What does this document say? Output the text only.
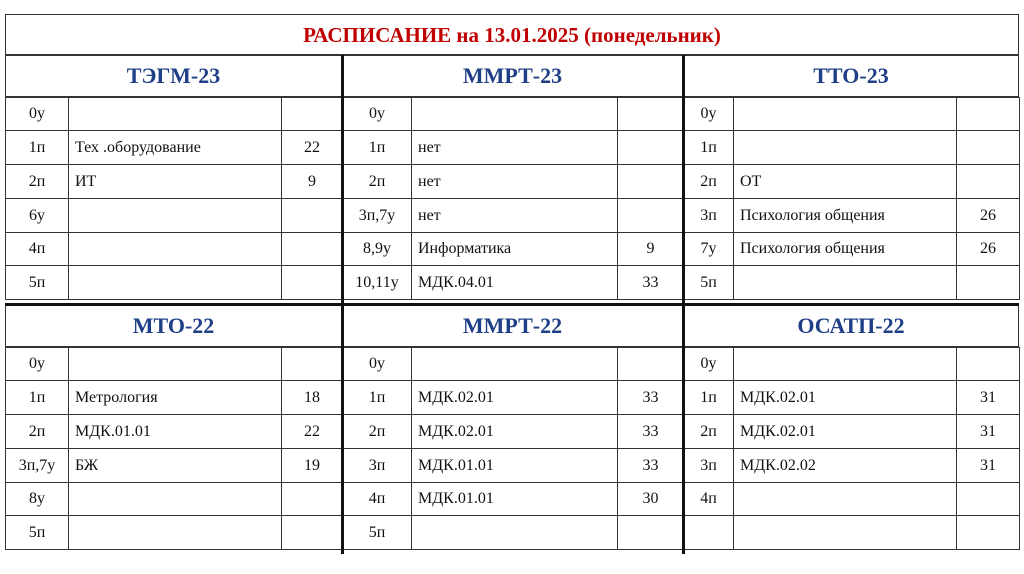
РАСПИСАНИЕ на 13.01.2025 (понедельник)
ТЭГМ-23
0у		
1п	Тех .оборудование	22
2п	ИТ	9
6у		
4п		
5п		
ММРТ-23
0у		
1п	нет	
2п	нет	
3п,7у	нет	
8,9у	Информатика	9
10,11у	МДК.04.01	33
ТТО-23
0у		
1п		
2п	ОТ	
3п	Психология общения	26
7у	Психология общения	26
5п		
МТО-22
0у		
1п	Метрология	18
2п	МДК.01.01	22
3п,7у	БЖ	19
8у		
5п		
ММРТ-22
0у		
1п	МДК.02.01	33
2п	МДК.02.01	33
3п	МДК.01.01	33
4п	МДК.01.01	30
5п		
ОСАТП-22
0у		
1п	МДК.02.01	31
2п	МДК.02.01	31
3п	МДК.02.02	31
4п		
